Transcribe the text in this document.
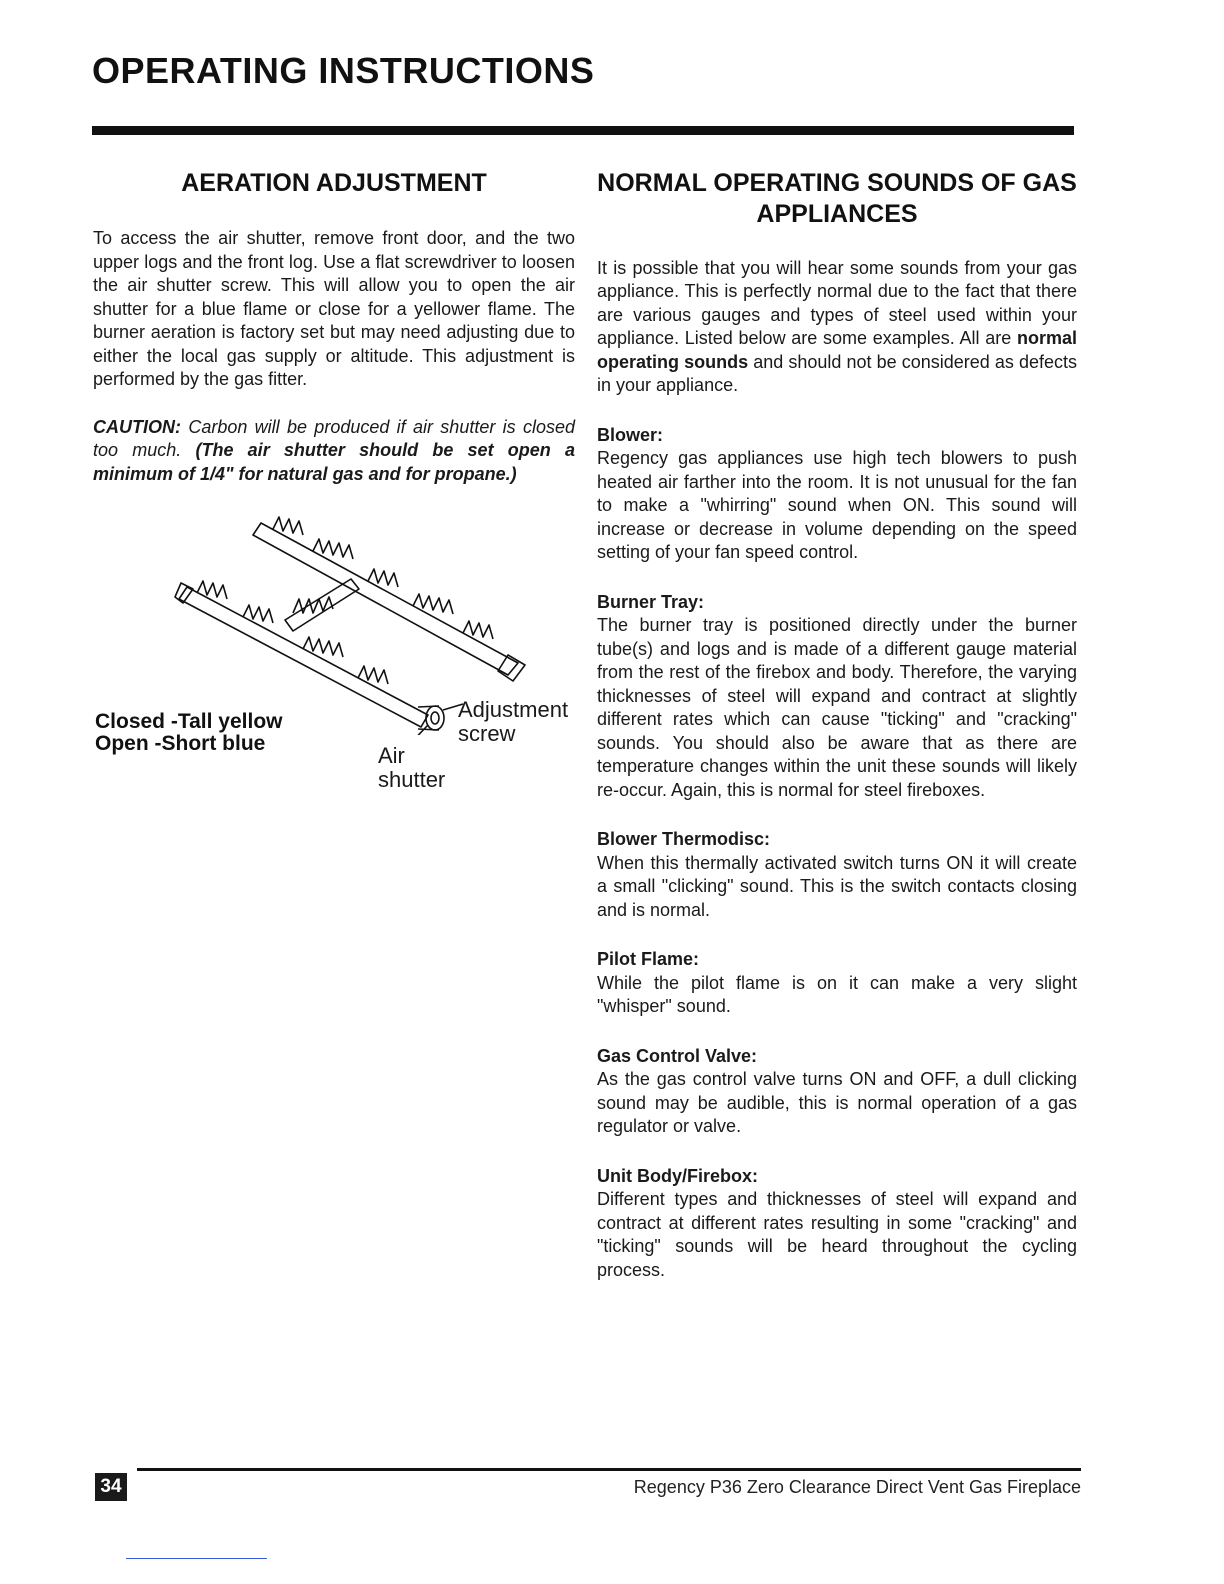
OPERATING INSTRUCTIONS
AERATION ADJUSTMENT

To access the air shutter, remove front door, and the two upper logs and the front log. Use a flat screwdriver to loosen the air shutter screw. This will allow you to open the air shutter for a blue flame or close for a yellower flame. The burner aeration is factory set but may need adjusting due to either the local gas supply or altitude. This adjustment is performed by the gas fitter.

CAUTION: Carbon will be produced if air shutter is closed too much. (The air shutter should be set open a minimum of 1/4" for natural gas and for propane.)

Closed -Tall yellow
Open -Short blue
Adjustment
screw
Air
shutter
NORMAL OPERATING SOUNDS OF GAS APPLIANCES

It is possible that you will hear some sounds from your gas appliance. This is perfectly normal due to the fact that there are various gauges and types of steel used within your appliance. Listed below are some examples. All are normal operating sounds and should not be considered as defects in your appliance.

Blower:

Regency gas appliances use high tech blowers to push heated air farther into the room. It is not unusual for the fan to make a "whirring" sound when ON. This sound will increase or decrease in volume depending on the speed setting of your fan speed control.

Burner Tray:

The burner tray is positioned directly under the burner tube(s) and logs and is made of a different gauge material from the rest of the firebox and body. Therefore, the varying thicknesses of steel will expand and contract at slightly different rates which can cause "ticking" and "cracking" sounds. You should also be aware that as there are temperature changes within the unit these sounds will likely re-occur. Again, this is normal for steel fireboxes.

Blower Thermodisc:

When this thermally activated switch turns ON it will create a small "clicking" sound. This is the switch contacts closing and is normal.

Pilot Flame:

While the pilot flame is on it can make a very slight "whisper" sound.

Gas Control Valve:

As the gas control valve turns ON and OFF, a dull clicking sound may be audible, this is normal operation of a gas regulator or valve.

Unit Body/Firebox:

Different types and thicknesses of steel will expand and contract at different rates resulting in some "cracking" and "ticking" sounds will be heard throughout the cycling process.

34	Regency P36 Zero Clearance Direct Vent Gas Fireplace
